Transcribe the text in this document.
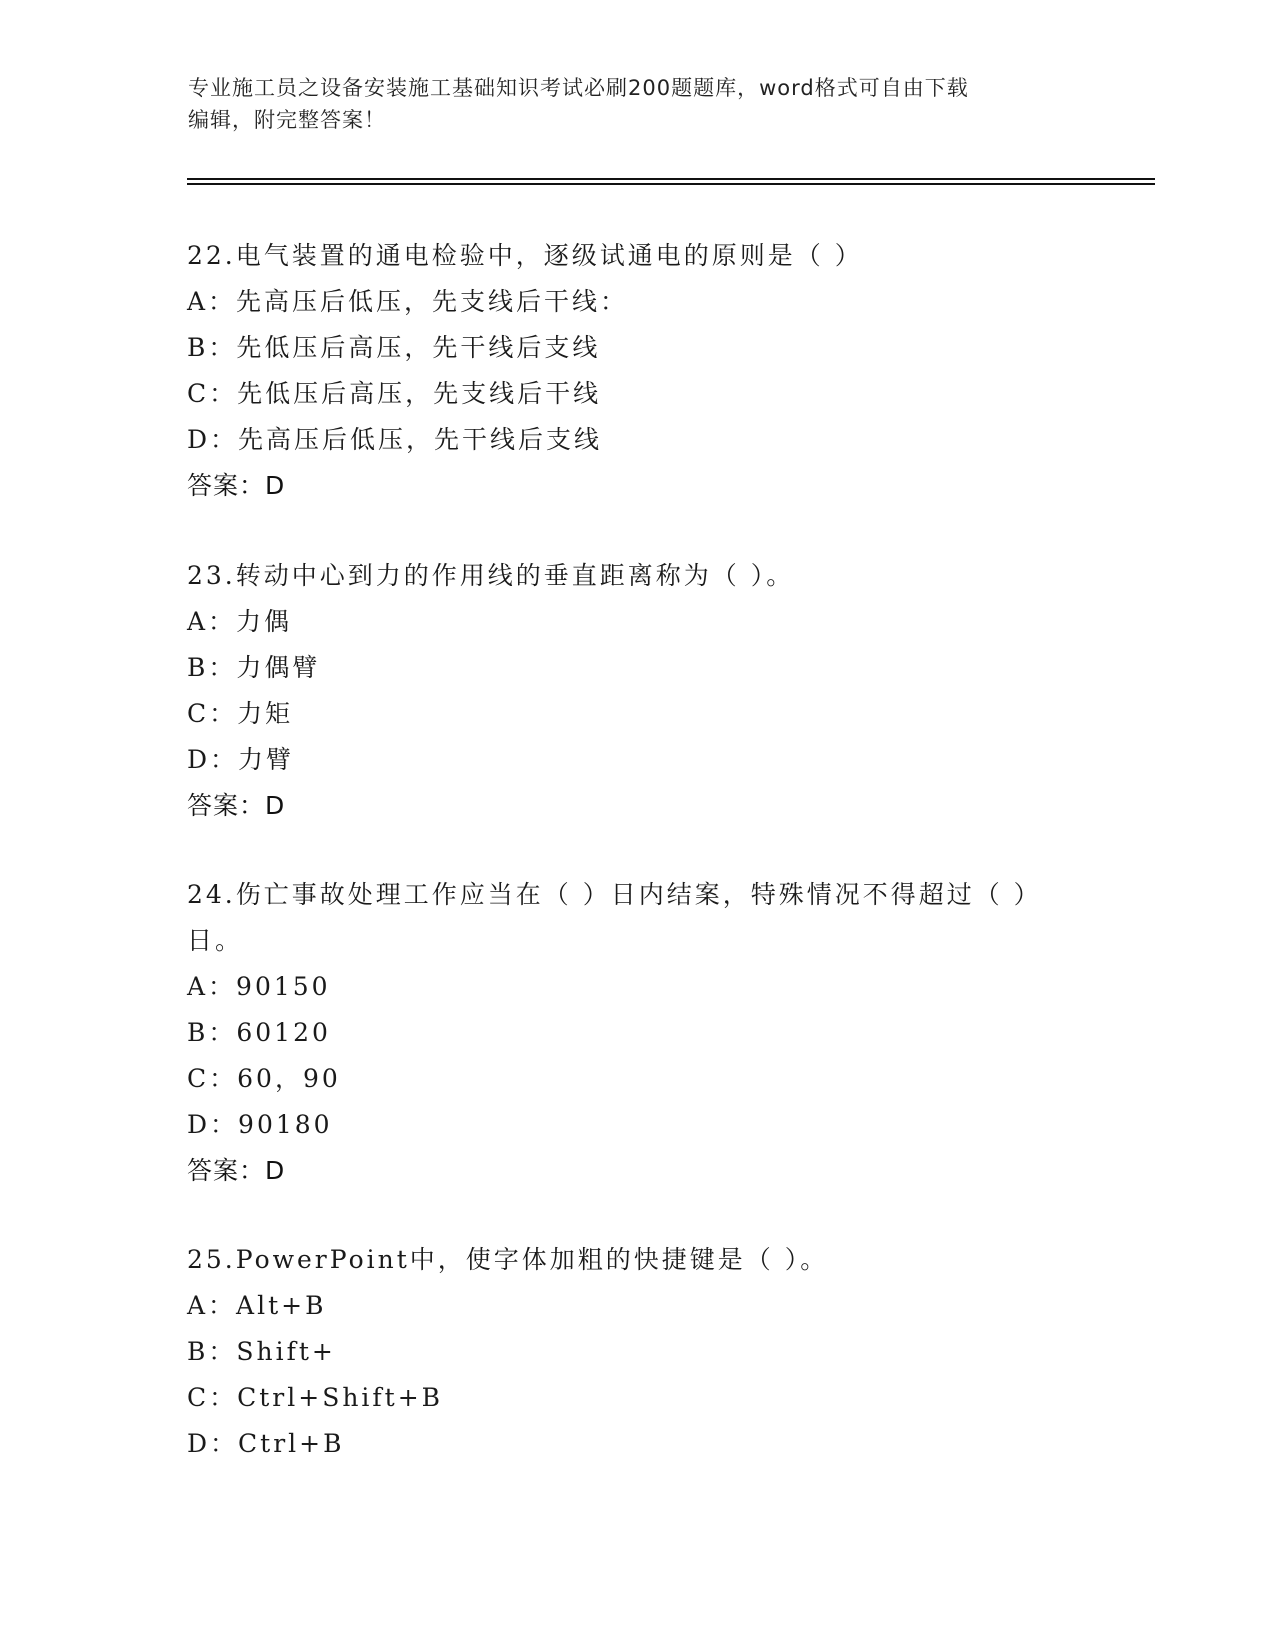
专业施工员之设备安装施工基础知识考试必刷200题题库，word格式可自由下载
编辑，附完整答案！
22.电气装置的通电检验中，逐级试通电的原则是（ ）
A：先高压后低压，先支线后干线：
B：先低压后高压，先干线后支线
C：先低压后高压，先支线后干线
D：先高压后低压，先干线后支线
答案：D
23.转动中心到力的作用线的垂直距离称为（ ）。
A：力偶
B：力偶臂
C：力矩
D：力臂
答案：D
24.伤亡事故处理工作应当在（ ）日内结案，特殊情况不得超过（ ）
日。
A：90150
B：60120
C：60，90
D：90180
答案：D
25.PowerPoint中，使字体加粗的快捷键是（ ）。
A：Alt+B
B：Shift+
C：Ctrl+Shift+B
D：Ctrl+B
